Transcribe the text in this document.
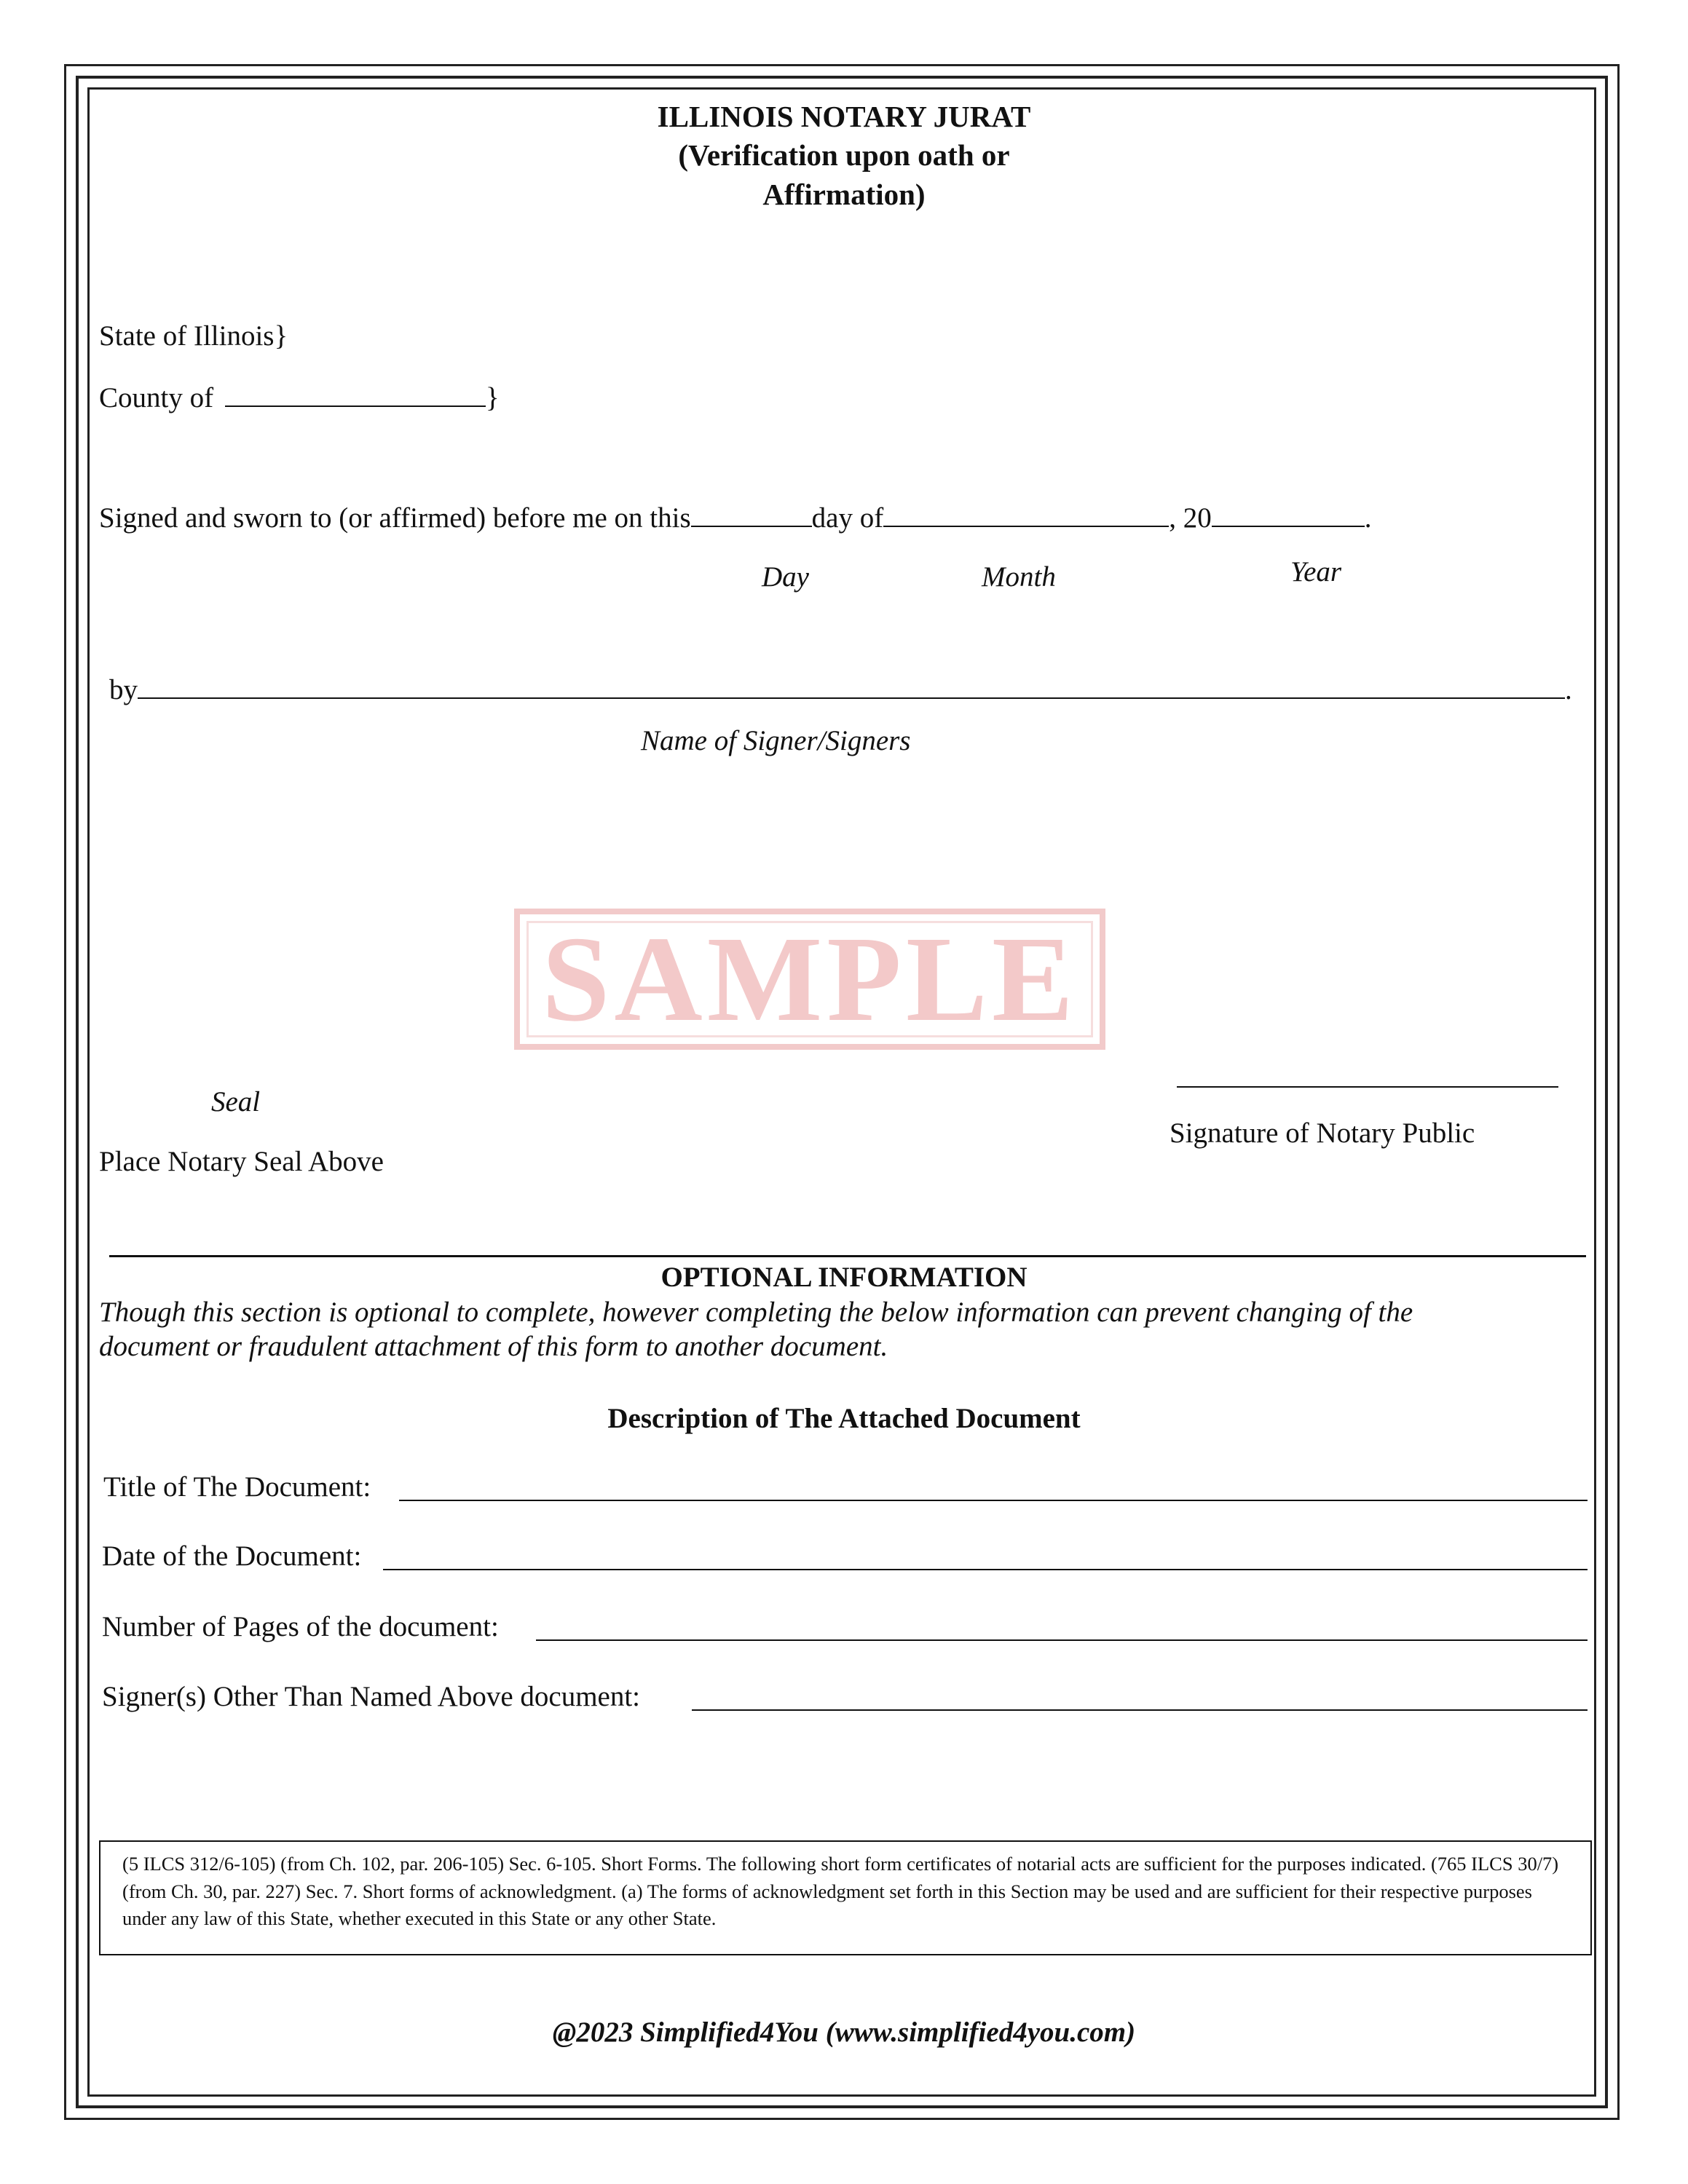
ILLINOIS NOTARY JURAT
(Verification upon oath or
Affirmation)
State of Illinois}
County of	}
Signed and sworn to (or affirmed) before me on this	day of	, 20	.
Day	Month	Year
by	.
Name of Signer/Signers
SAMPLE
Seal
Place Notary Seal Above
Signature of Notary Public
OPTIONAL INFORMATION
Though this section is optional to complete, however completing the below information can prevent changing of the
document or fraudulent attachment of this form to another document.
Description of The Attached Document
Title of The Document:
Date of the Document:
Number of Pages of the document:
Signer(s) Other Than Named Above document:
(5 ILCS 312/6-105) (from Ch. 102, par. 206-105) Sec. 6-105. Short Forms. The following short form certificates of notarial acts are sufficient for the purposes indicated. (765 ILCS 30/7) (from Ch. 30, par. 227) Sec. 7. Short forms of acknowledgment. (a) The forms of acknowledgment set forth in this Section may be used and are sufficient for their respective purposes under any law of this State, whether executed in this State or any other State.
@2023 Simplified4You (www.simplified4you.com)
